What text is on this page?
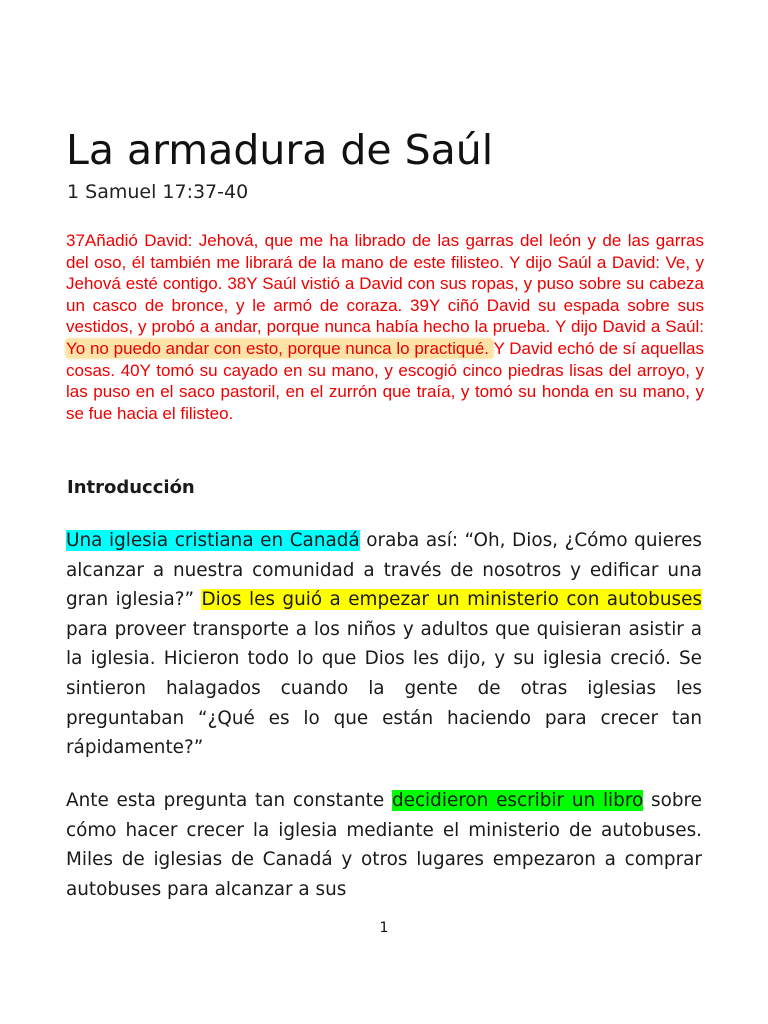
La armadura de Saúl
1 Samuel 17:37-40

37Añadió David: Jehová, que me ha librado de las garras del león y de las garras del oso, él también me librará de la mano de este filisteo. Y dijo Saúl a David: Ve, y Jehová esté contigo. 38Y Saúl vistió a David con sus ropas, y puso sobre su cabeza un casco de bronce, y le armó de coraza. 39Y ciñó David su espada sobre sus vestidos, y probó a andar, porque nunca había hecho la prueba. Y dijo David a Saúl: Yo no puedo andar con esto, porque nunca lo practiqué. Y David echó de sí aquellas cosas. 40Y tomó su cayado en su mano, y escogió cinco piedras lisas del arroyo, y las puso en el saco pastoril, en el zurrón que traía, y tomó su honda en su mano, y se fue hacia el filisteo.

Introducción

Una iglesia cristiana en Canadá oraba así: “Oh, Dios, ¿Cómo quieres alcanzar a nuestra comunidad a través de nosotros y edificar una gran iglesia?” Dios les guió a empezar un ministerio con autobuses para proveer transporte a los niños y adultos que quisieran asistir a la iglesia. Hicieron todo lo que Dios les dijo, y su iglesia creció. Se sintieron halagados cuando la gente de otras iglesias les preguntaban “¿Qué es lo que están haciendo para crecer tan rápidamente?”

Ante esta pregunta tan constante decidieron escribir un libro sobre cómo hacer crecer la iglesia mediante el ministerio de autobuses. Miles de iglesias de Canadá y otros lugares empezaron a comprar autobuses para alcanzar a sus

1
